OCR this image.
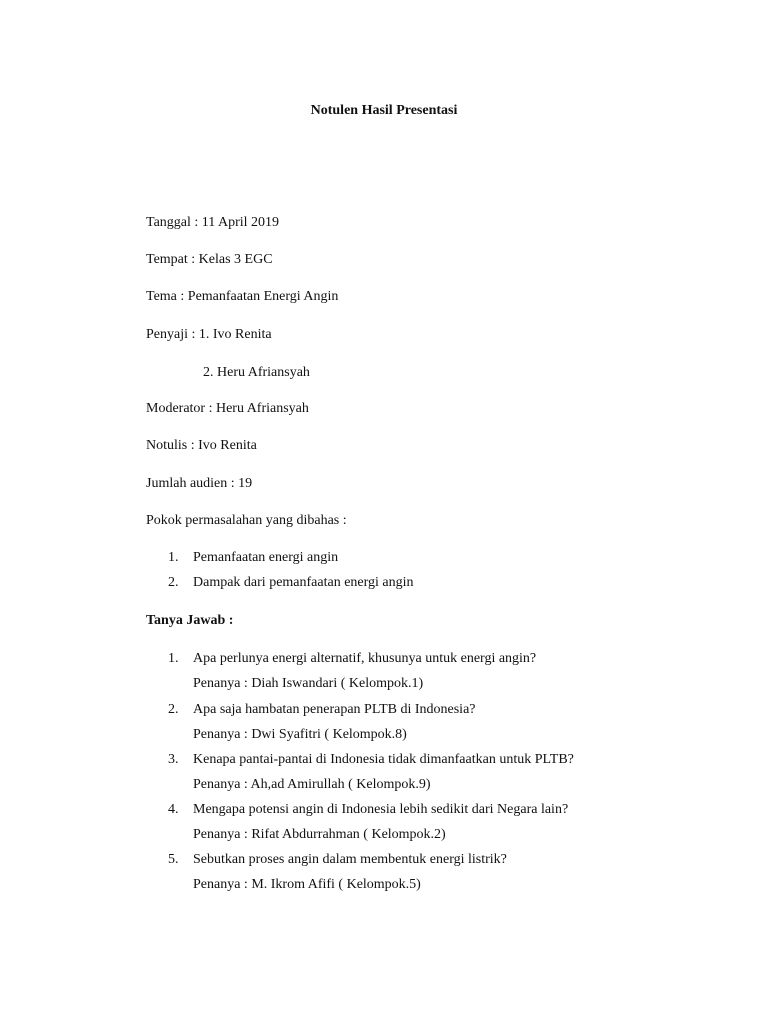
Notulen Hasil Presentasi
Tanggal : 11 April 2019
Tempat : Kelas 3 EGC
Tema : Pemanfaatan Energi Angin
Penyaji : 1. Ivo Renita
2. Heru Afriansyah
Moderator : Heru Afriansyah
Notulis : Ivo Renita
Jumlah audien : 19
Pokok permasalahan yang dibahas :
1. Pemanfaatan energi angin
2. Dampak dari pemanfaatan energi angin
Tanya Jawab :
1. Apa perlunya energi alternatif, khusunya untuk energi angin?
Penanya : Diah Iswandari ( Kelompok.1)
2. Apa saja hambatan penerapan PLTB di Indonesia?
Penanya : Dwi Syafitri ( Kelompok.8)
3. Kenapa pantai-pantai di Indonesia tidak dimanfaatkan untuk PLTB?
Penanya : Ah,ad Amirullah ( Kelompok.9)
4. Mengapa potensi angin di Indonesia lebih sedikit dari Negara lain?
Penanya : Rifat Abdurrahman ( Kelompok.2)
5. Sebutkan proses angin dalam membentuk energi listrik?
Penanya : M. Ikrom Afifi ( Kelompok.5)
